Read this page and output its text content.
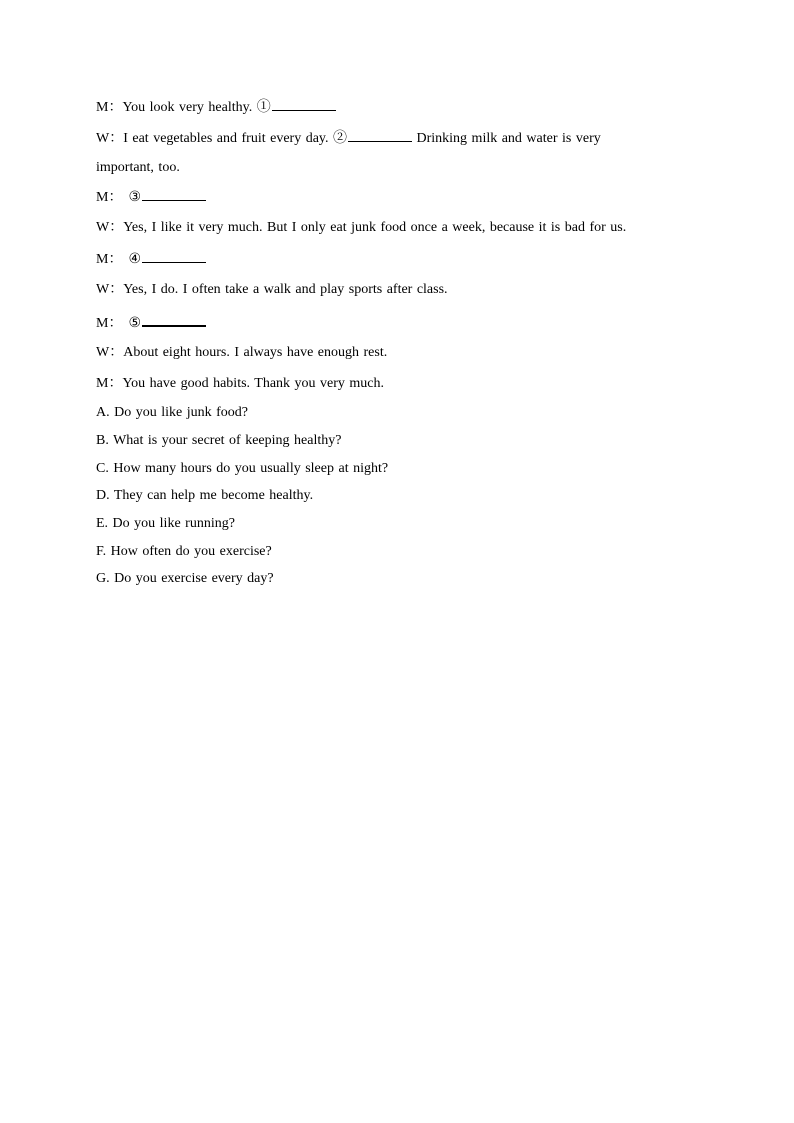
M：You look very healthy. ①
W：I eat vegetables and fruit every day. ②	Drinking milk and water is very
important, too.
M： ③
W：Yes, I like it very much. But I only eat junk food once a week, because it is bad for us.
M： ④
W：Yes, I do. I often take a walk and play sports after class.
M： ⑤
W：About eight hours. I always have enough rest.
M：You have good habits. Thank you very much.
A. Do you like junk food?
B. What is your secret of keeping healthy?
C. How many hours do you usually sleep at night?
D. They can help me become healthy.
E. Do you like running?
F. How often do you exercise?
G. Do you exercise every day?
